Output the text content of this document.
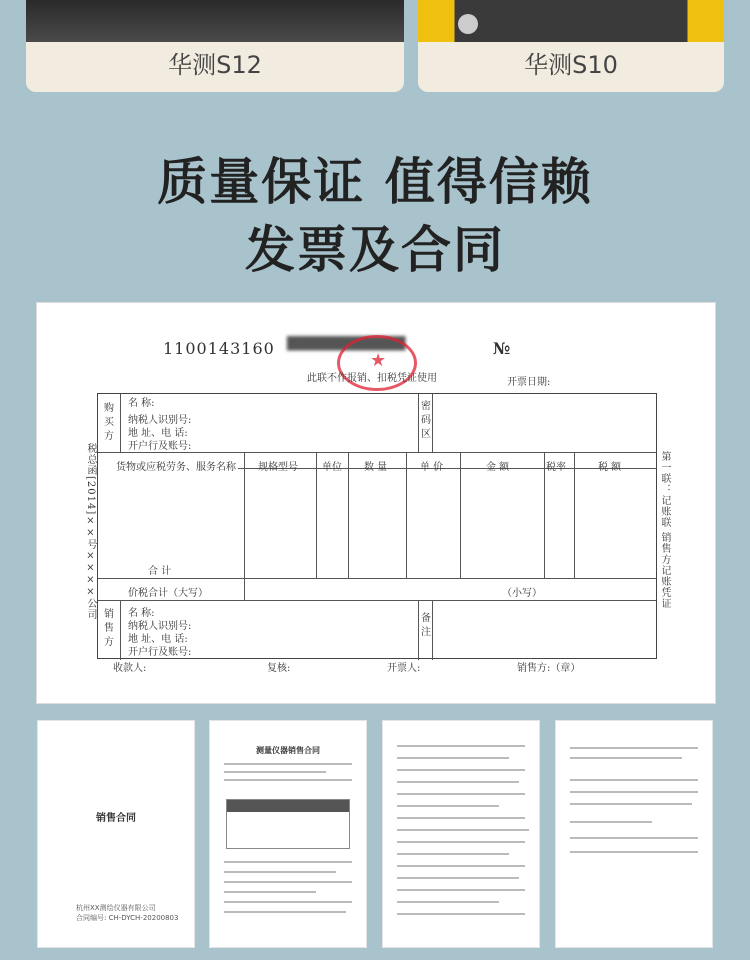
华测S12	华测S10
质量保证 值得信赖
发票及合同
1100143160 ▇▇▇▇▇▇▇▇▇▇▇
★
№
此联不作报销、扣税凭证使用	开票日期:
税总函[2014]××号××××公司	第一联：记账联 销售方记账凭证
购买方
名 称:
纳税人识别号:
地 址、电 话:
开户行及账号:
密码区
货物或应税劳务、服务名称 规格型号 单位 数 量	单 价	金 额	税率	税 额
合 计
价税合计（大写）	（小写）
销售方
名 称:
纳税人识别号:
地 址、电 话:
开户行及账号:
备注
收款人:	复核:	开票人:	销售方:（章）
销售合同
杭州XX测绘仪器有限公司
合同编号: CH-DYCH-20200803
测量仪器销售合同
